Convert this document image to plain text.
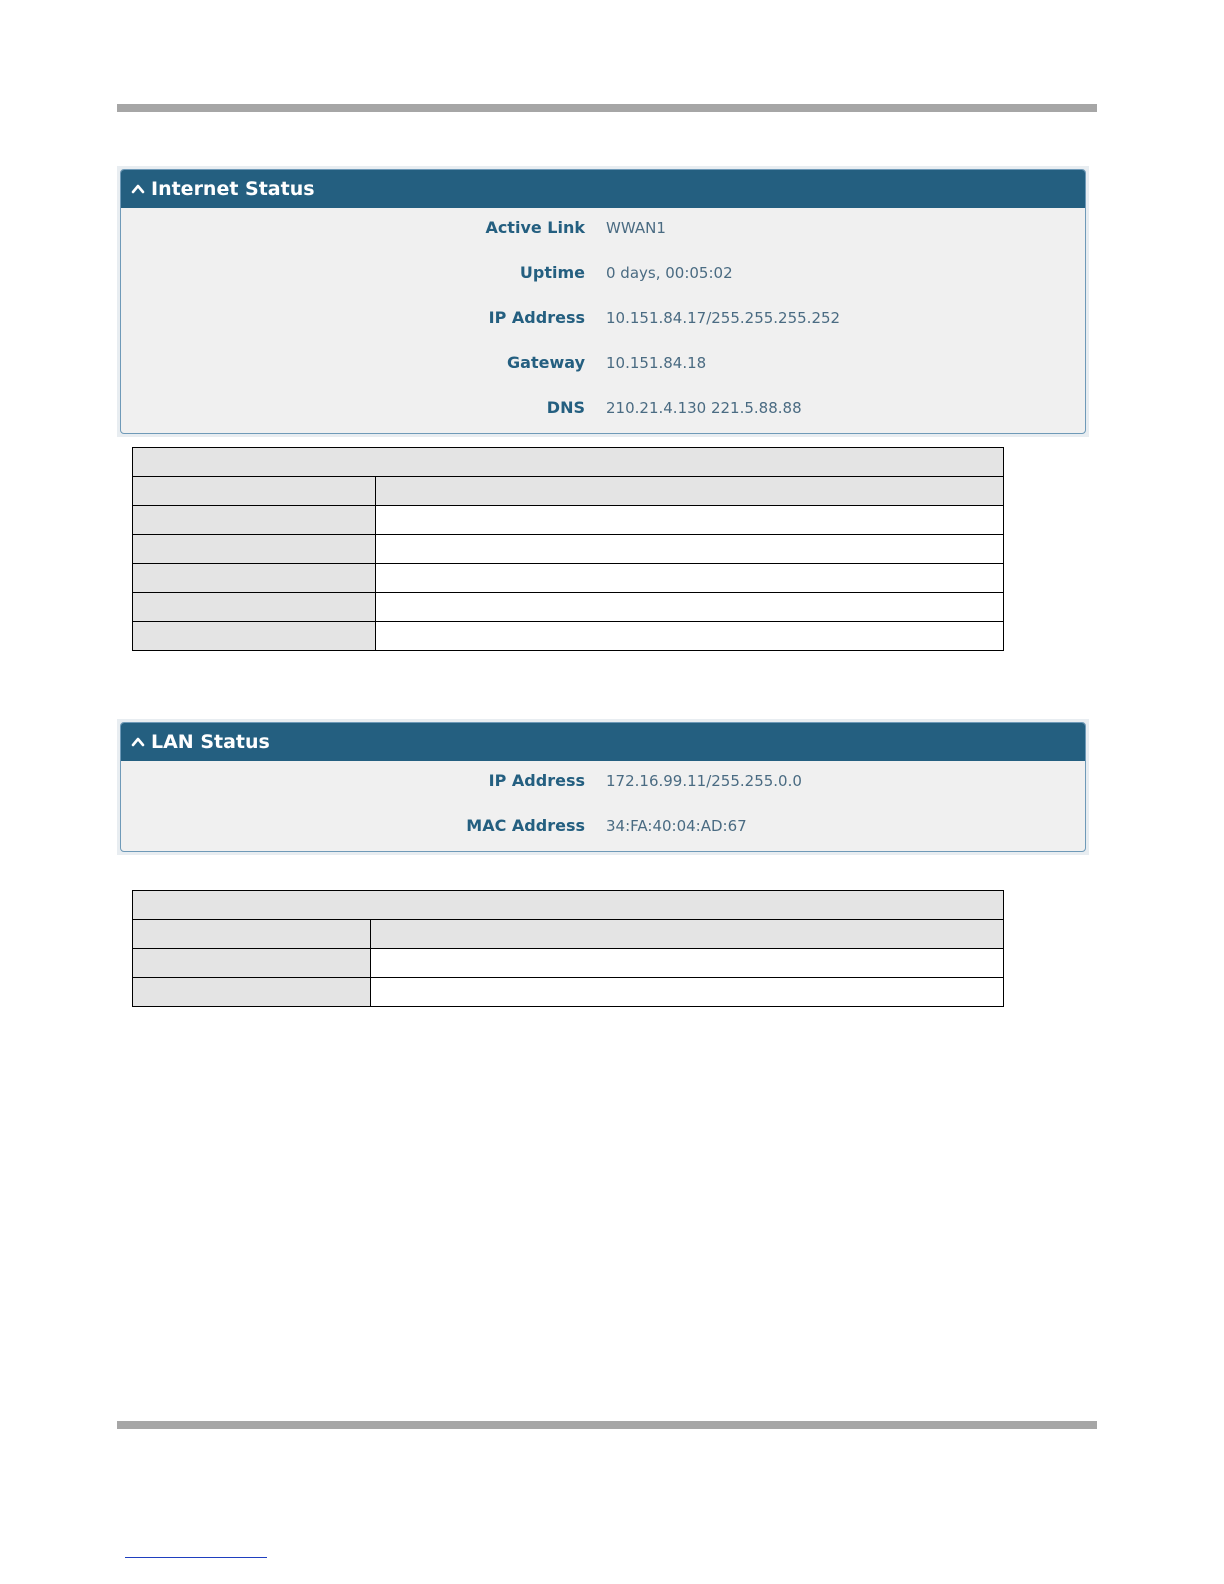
Internet Status
Active Link WWAN1
Uptime 0 days, 00:05:02
IP Address 10.151.84.17/255.255.255.252
Gateway 10.151.84.18
DNS 210.21.4.130 221.5.88.88

LAN Status
IP Address 172.16.99.11/255.255.0.0
MAC Address 34:FA:40:04:AD:67
